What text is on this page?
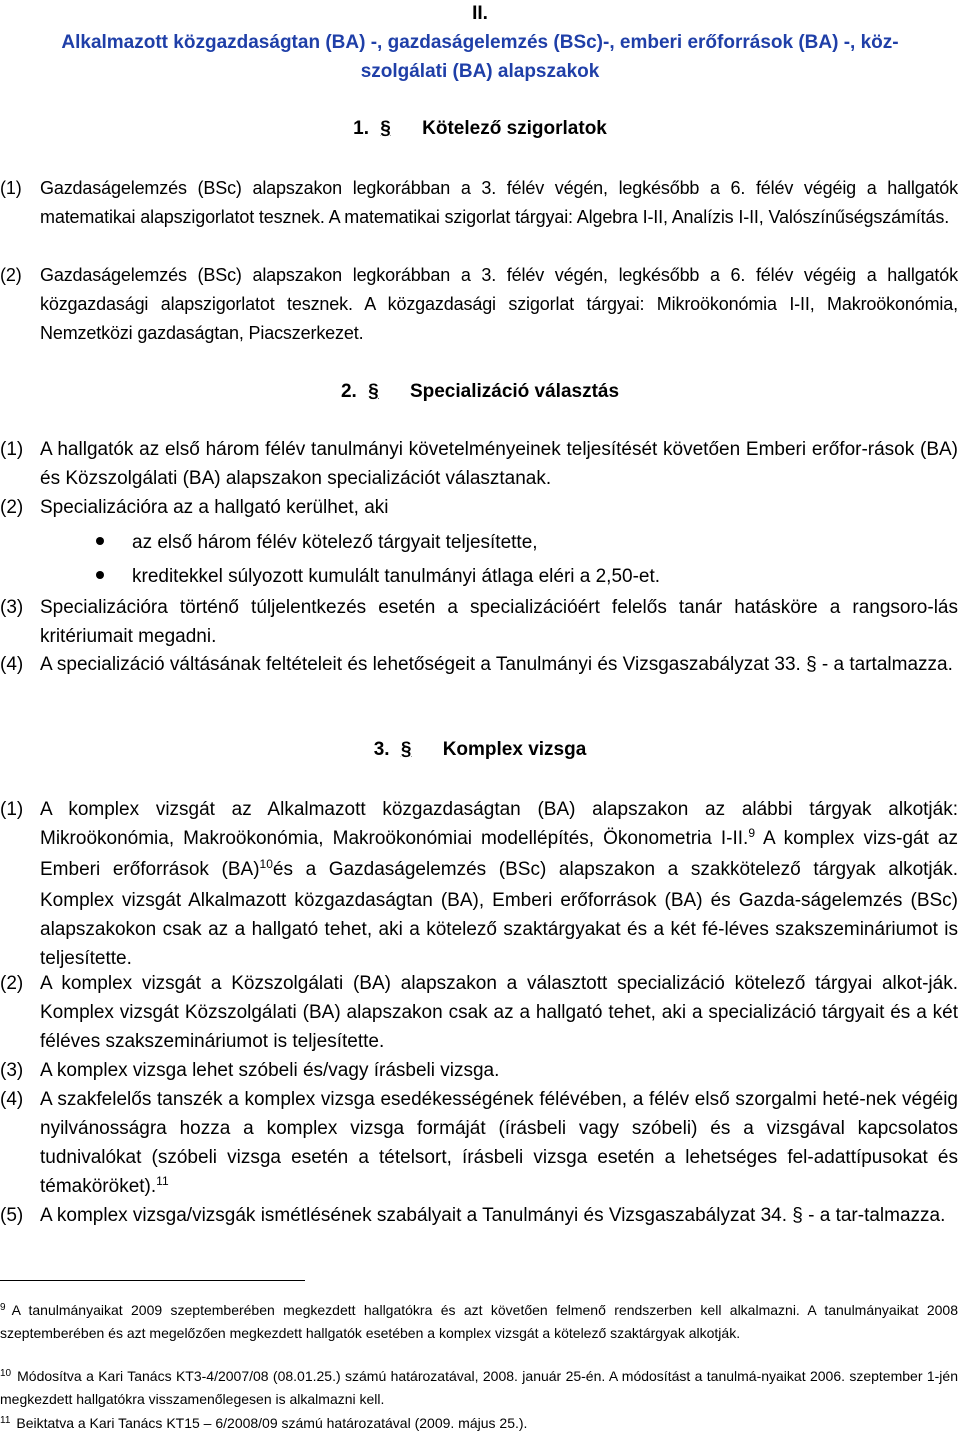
II.
Alkalmazott közgazdaságtan (BA) -, gazdaságelemzés (BSc)-, emberi erőforrások (BA) -, köz-szolgálati (BA) alapszakok
1. § Kötelező szigorlatok
(1)	Gazdaságelemzés (BSc) alapszakon legkorábban a 3. félév végén, legkésőbb a 6. félév végéig a hallgatók matematikai alapszigorlatot tesznek. A matematikai szigorlat tárgyai: Algebra I-II, Analízis I-II, Valószínűségszámítás.
(2)	Gazdaságelemzés (BSc) alapszakon legkorábban a 3. félév végén, legkésőbb a 6. félév végéig a hallgatók közgazdasági alapszigorlatot tesznek. A közgazdasági szigorlat tárgyai: Mikroökonómia I-II, Makroökonómia, Nemzetközi gazdaságtan, Piacszerkezet.
2. § Specializáció választás
(1) A hallgatók az első három félév tanulmányi követelményeinek teljesítését követően Emberi erőfor-rások (BA) és Közszolgálati (BA) alapszakon specializációt választanak.
(2) Specializációra az a hallgató kerülhet, aki
az első három félév kötelező tárgyait teljesítette,
kreditekkel súlyozott kumulált tanulmányi átlaga eléri a 2,50-et.
(3) Specializációra történő túljelentkezés esetén a specializációért felelős tanár hatásköre a rangsoro-lás kritériumait megadni.
(4) A specializáció váltásának feltételeit és lehetőségeit a Tanulmányi és Vizsgaszabályzat 33. § - a tartalmazza.
3. § Komplex vizsga
(1) A komplex vizsgát az Alkalmazott közgazdaságtan (BA) alapszakon az alábbi tárgyak alkotják: Mikroökonómia, Makroökonómia, Makroökonómiai modellépítés, Ökonometria I-II.$^9$ A komplex vizs-gát az Emberi erőforrások (BA)$^{10}$és a Gazdaságelemzés (BSc) alapszakon a szakkötelező tárgyak alkotják. Komplex vizsgát Alkalmazott közgazdaságtan (BA), Emberi erőforrások (BA) és Gazda-ságelemzés (BSc) alapszakokon csak az a hallgató tehet, aki a kötelező szaktárgyakat és a két fé-léves szakszemináriumot is teljesítette.
(2) A komplex vizsgát a Közszolgálati (BA) alapszakon a választott specializáció kötelező tárgyai alkot-ják. Komplex vizsgát Közszolgálati (BA) alapszakon csak az a hallgató tehet, aki a specializáció tárgyait és a két féléves szakszemináriumot is teljesítette.
(3) A komplex vizsga lehet szóbeli és/vagy írásbeli vizsga.
(4) A szakfelelős tanszék a komplex vizsga esedékességének félévében, a félév első szorgalmi heté-nek végéig nyilvánosságra hozza a komplex vizsga formáját (írásbeli vagy szóbeli) és a vizsgával kapcsolatos tudnivalókat (szóbeli vizsga esetén a tételsort, írásbeli vizsga esetén a lehetséges fel-adattípusokat és témaköröket).$^{11}$
(5) A komplex vizsga/vizsgák ismétlésének szabályait a Tanulmányi és Vizsgaszabályzat 34. § - a tar-talmazza.
$^9$ A tanulmányaikat 2009 szeptemberében megkezdett hallgatókra és azt követően felmenő rendszerben kell alkalmazni. A tanulmányaikat 2008 szeptemberében és azt megelőzően megkezdett hallgatók esetében a komplex vizsgát a kötelező szaktárgyak alkotják.
$^{10}$ Módosítva a Kari Tanács KT3-4/2007/08 (08.01.25.) számú határozatával, 2008. január 25-én. A módosítást a tanulmá-nyaikat 2006. szeptember 1-jén megkezdett hallgatókra visszamenőlegesen is alkalmazni kell.
$^{11}$ Beiktatva a Kari Tanács KT15 – 6/2008/09 számú határozatával (2009. május 25.).
